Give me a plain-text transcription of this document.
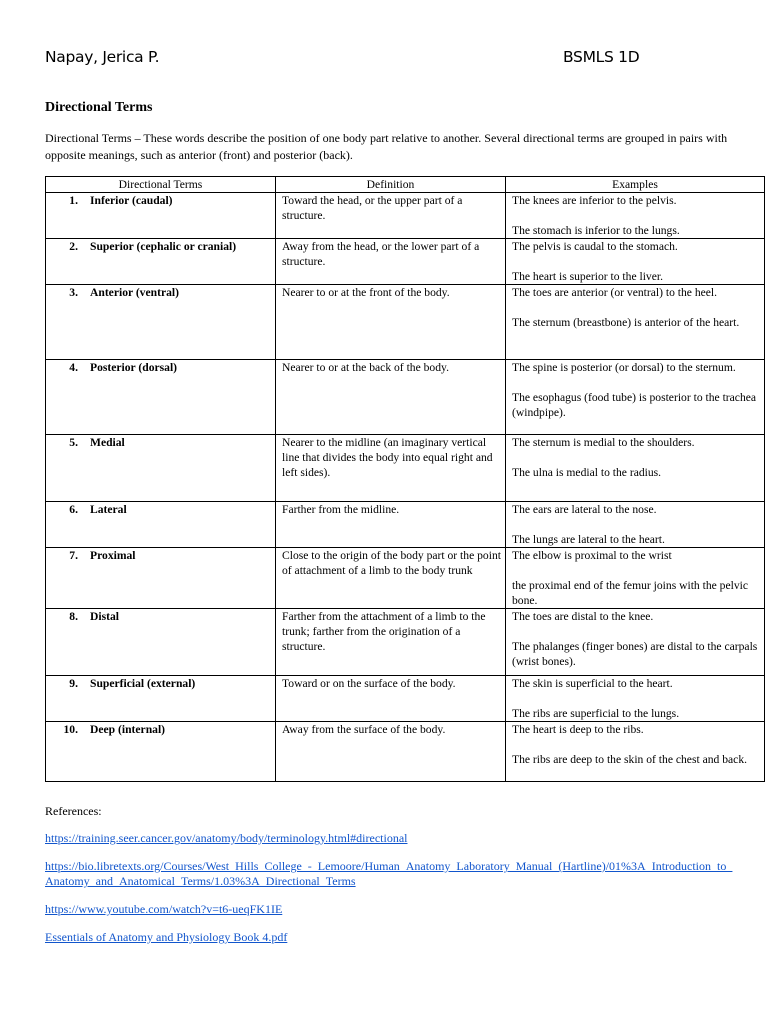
Napay, Jerica P.	BSMLS 1D
Directional Terms
Directional Terms – These words describe the position of one body part relative to another. Several directional terms are grouped in pairs with opposite meanings, such as anterior (front) and posterior (back).
Directional Terms	Definition	Examples
1. Inferior (caudal)	Toward the head, or the upper part of a structure.	The knees are inferior to the pelvis.
The stomach is inferior to the lungs.

2. Superior (cephalic or cranial)	Away from the head, or the lower part of a structure.	The pelvis is caudal to the stomach.
The heart is superior to the liver.

3. Anterior (ventral)	Nearer to or at the front of the body.	The toes are anterior (or ventral) to the heel.
The sternum (breastbone) is anterior of the heart.

4. Posterior (dorsal)	Nearer to or at the back of the body.	The spine is posterior (or dorsal) to the sternum.
The esophagus (food tube) is posterior to the trachea (windpipe).

5. Medial	Nearer to the midline (an imaginary vertical line that divides the body into equal right and left sides).	The sternum is medial to the shoulders.
The ulna is medial to the radius.

6. Lateral	Farther from the midline.	The ears are lateral to the nose.
The lungs are lateral to the heart.

7. Proximal	Close to the origin of the body part or the point of attachment of a limb to the body trunk	The elbow is proximal to the wrist
the proximal end of the femur joins with the pelvic bone.

8. Distal	Farther from the attachment of a limb to the trunk; farther from the origination of a structure.	The toes are distal to the knee.
The phalanges (finger bones) are distal to the carpals (wrist bones).

9. Superficial (external)	Toward or on the surface of the body.	The skin is superficial to the heart.
The ribs are superficial to the lungs.

10. Deep (internal)	Away from the surface of the body.	The heart is deep to the ribs.
The ribs are deep to the skin of the chest and back.
References:
https://training.seer.cancer.gov/anatomy/body/terminology.html#directional
https://bio.libretexts.org/Courses/West_Hills_College_-_Lemoore/Human_Anatomy_Laboratory_Manual_(Hartline)/01%3A_Introduction_to_Anatomy_and_Anatomical_Terms/1.03%3A_Directional_Terms
https://www.youtube.com/watch?v=t6-ueqFK1IE
Essentials of Anatomy and Physiology Book 4.pdf
